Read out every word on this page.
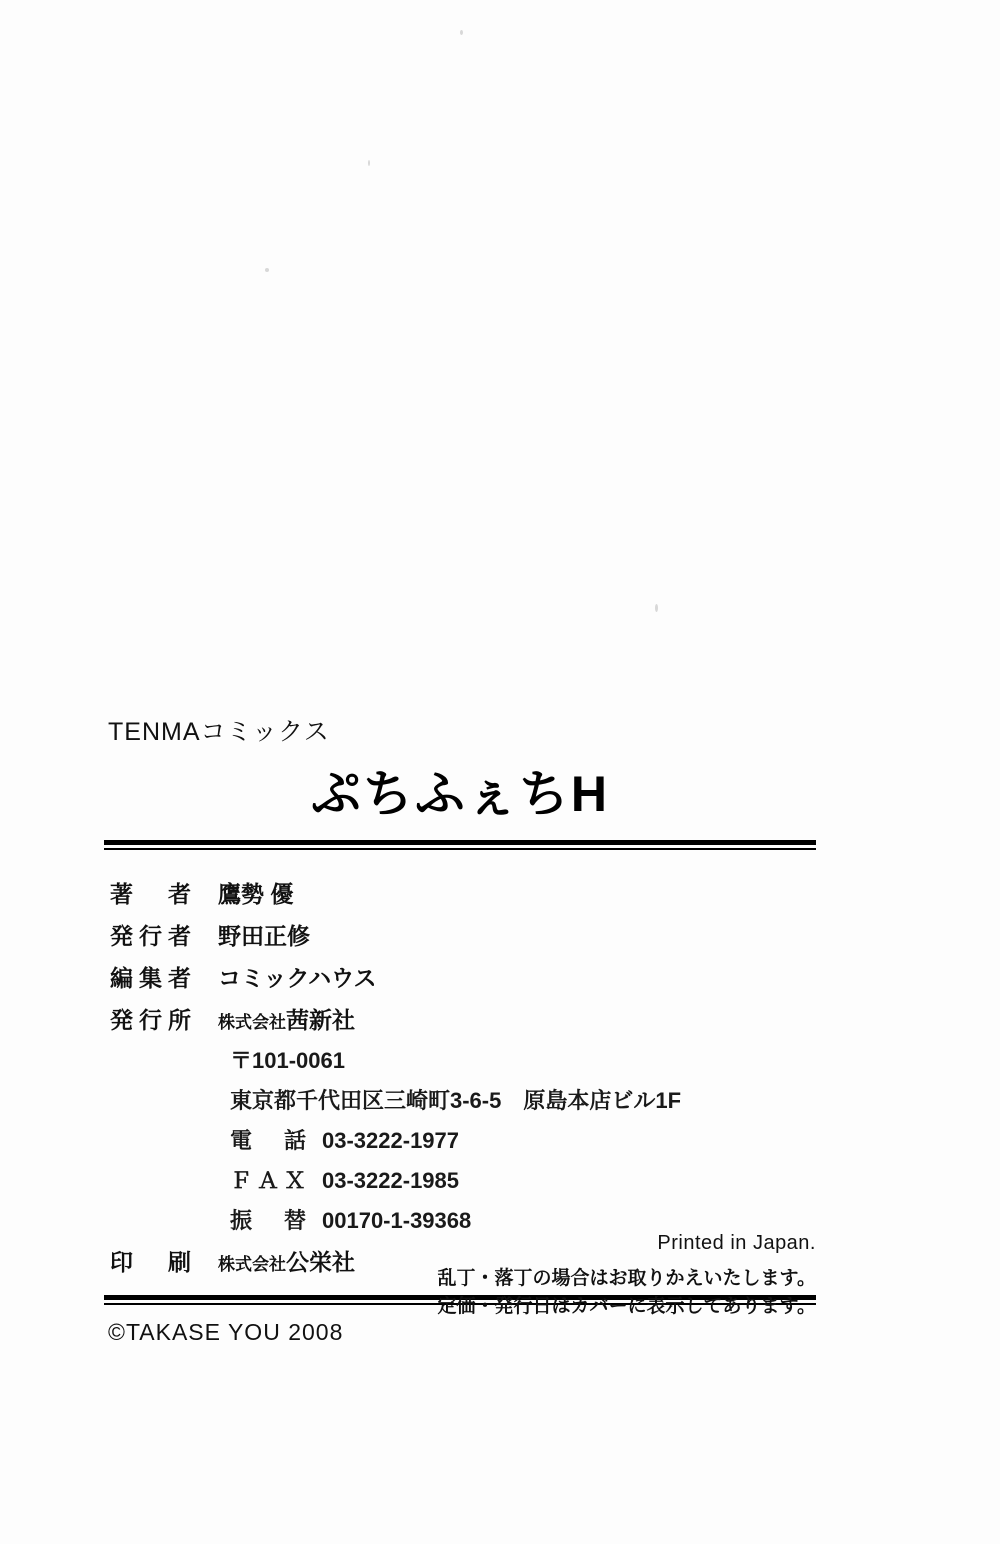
TENMAコミックス
ぷちふぇちH
著　者 鷹勢 優
発行者 野田正修
編集者 コミックハウス
発行所	株式会社茜新社
〒101-0061
東京都千代田区三崎町3-6-5　原島本店ビル1F
電　話 03-3222-1977
ＦＡＸ 03-3222-1985
振　替 00170-1-39368
印　刷	株式会社公栄社
©TAKASE YOU 2008
Printed in Japan.
乱丁・落丁の場合はお取りかえいたします。
定価・発行日はカバーに表示してあります。
